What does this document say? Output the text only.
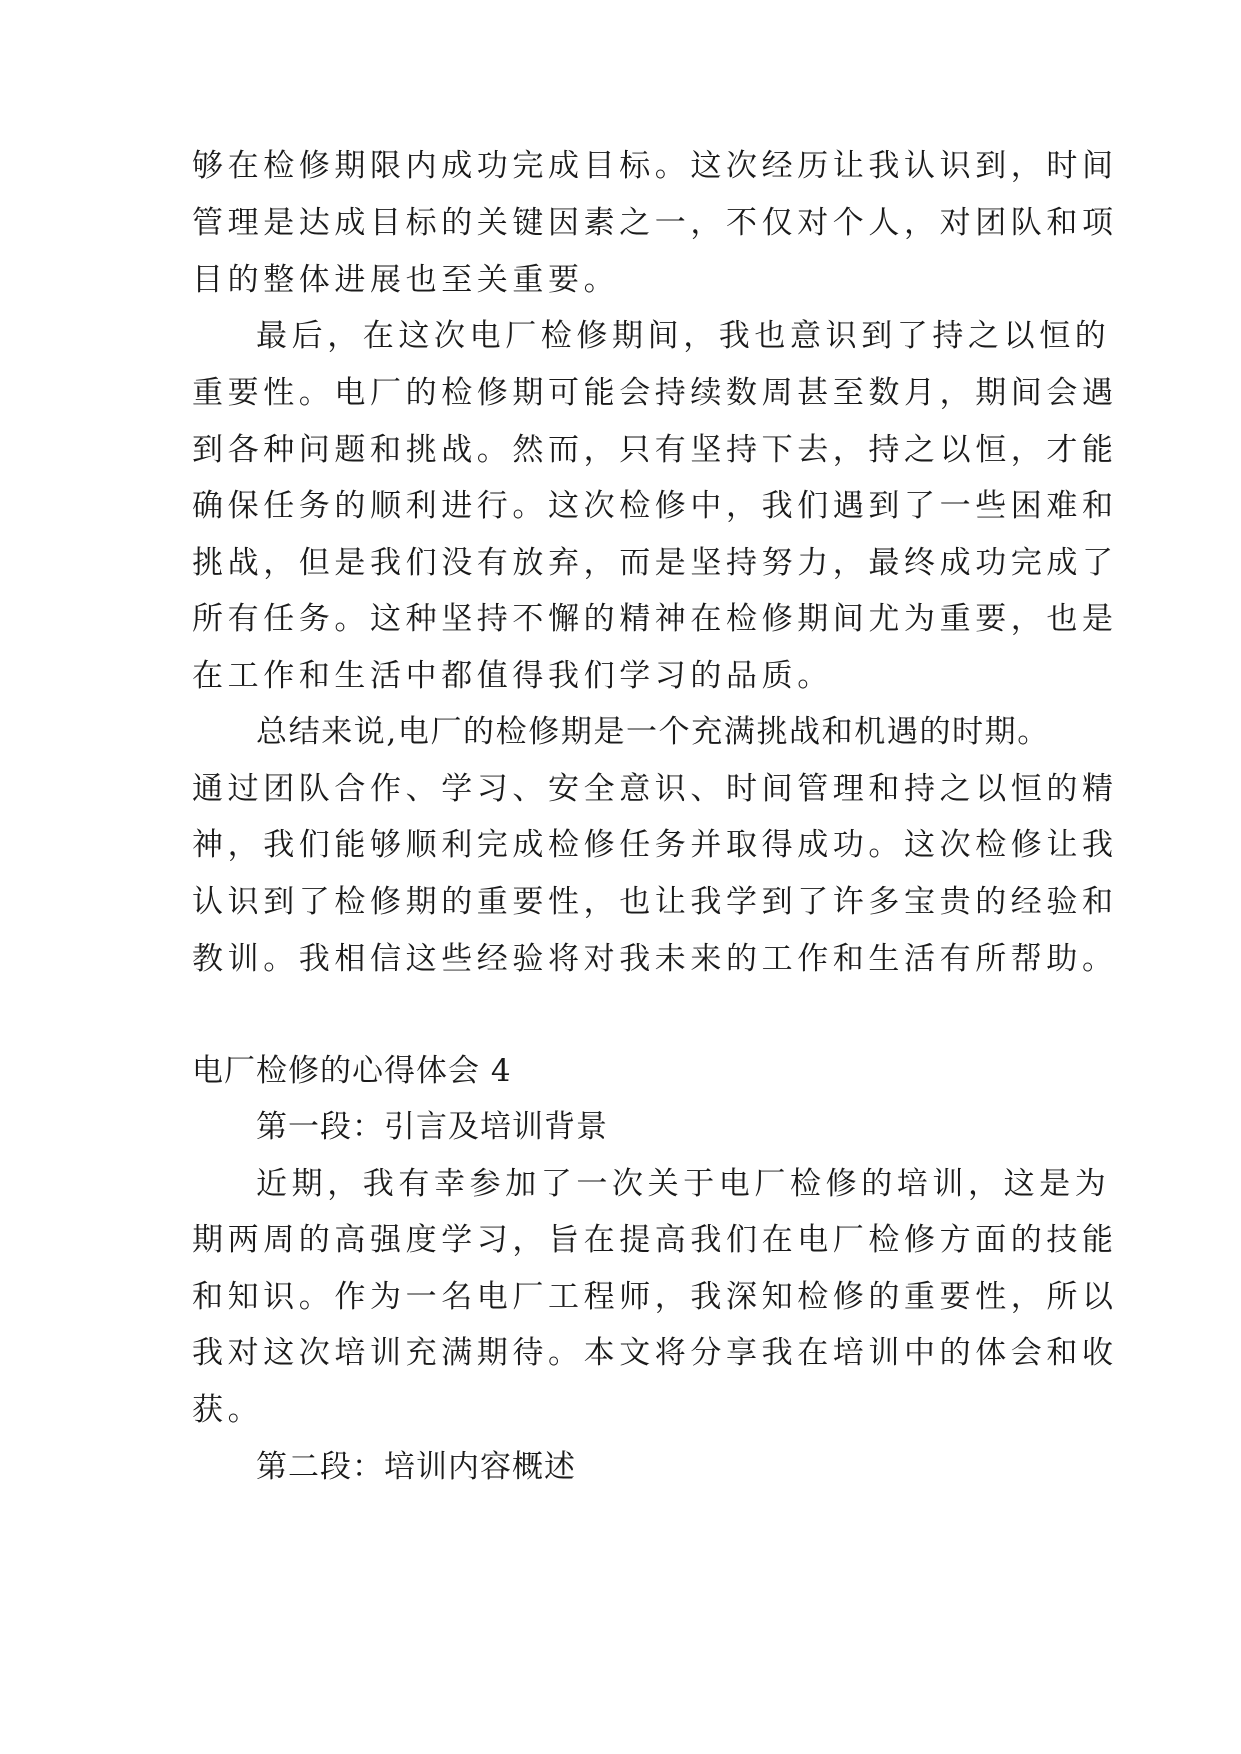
够在检修期限内成功完成目标。这次经历让我认识到，时间

管理是达成目标的关键因素之一，不仅对个人，对团队和项

目的整体进展也至关重要。

最后，在这次电厂检修期间，我也意识到了持之以恒的

重要性。电厂的检修期可能会持续数周甚至数月，期间会遇

到各种问题和挑战。然而，只有坚持下去，持之以恒，才能

确保任务的顺利进行。这次检修中，我们遇到了一些困难和

挑战，但是我们没有放弃，而是坚持努力，最终成功完成了

所有任务。这种坚持不懈的精神在检修期间尤为重要，也是

在工作和生活中都值得我们学习的品质。

总结来说,电厂的检修期是一个充满挑战和机遇的时期。

通过团队合作、学习、安全意识、时间管理和持之以恒的精

神，我们能够顺利完成检修任务并取得成功。这次检修让我

认识到了检修期的重要性，也让我学到了许多宝贵的经验和

教训。我相信这些经验将对我未来的工作和生活有所帮助。

电厂检修的心得体会 4

第一段：引言及培训背景

近期，我有幸参加了一次关于电厂检修的培训，这是为

期两周的高强度学习，旨在提高我们在电厂检修方面的技能

和知识。作为一名电厂工程师，我深知检修的重要性，所以

我对这次培训充满期待。本文将分享我在培训中的体会和收

获。

第二段：培训内容概述
